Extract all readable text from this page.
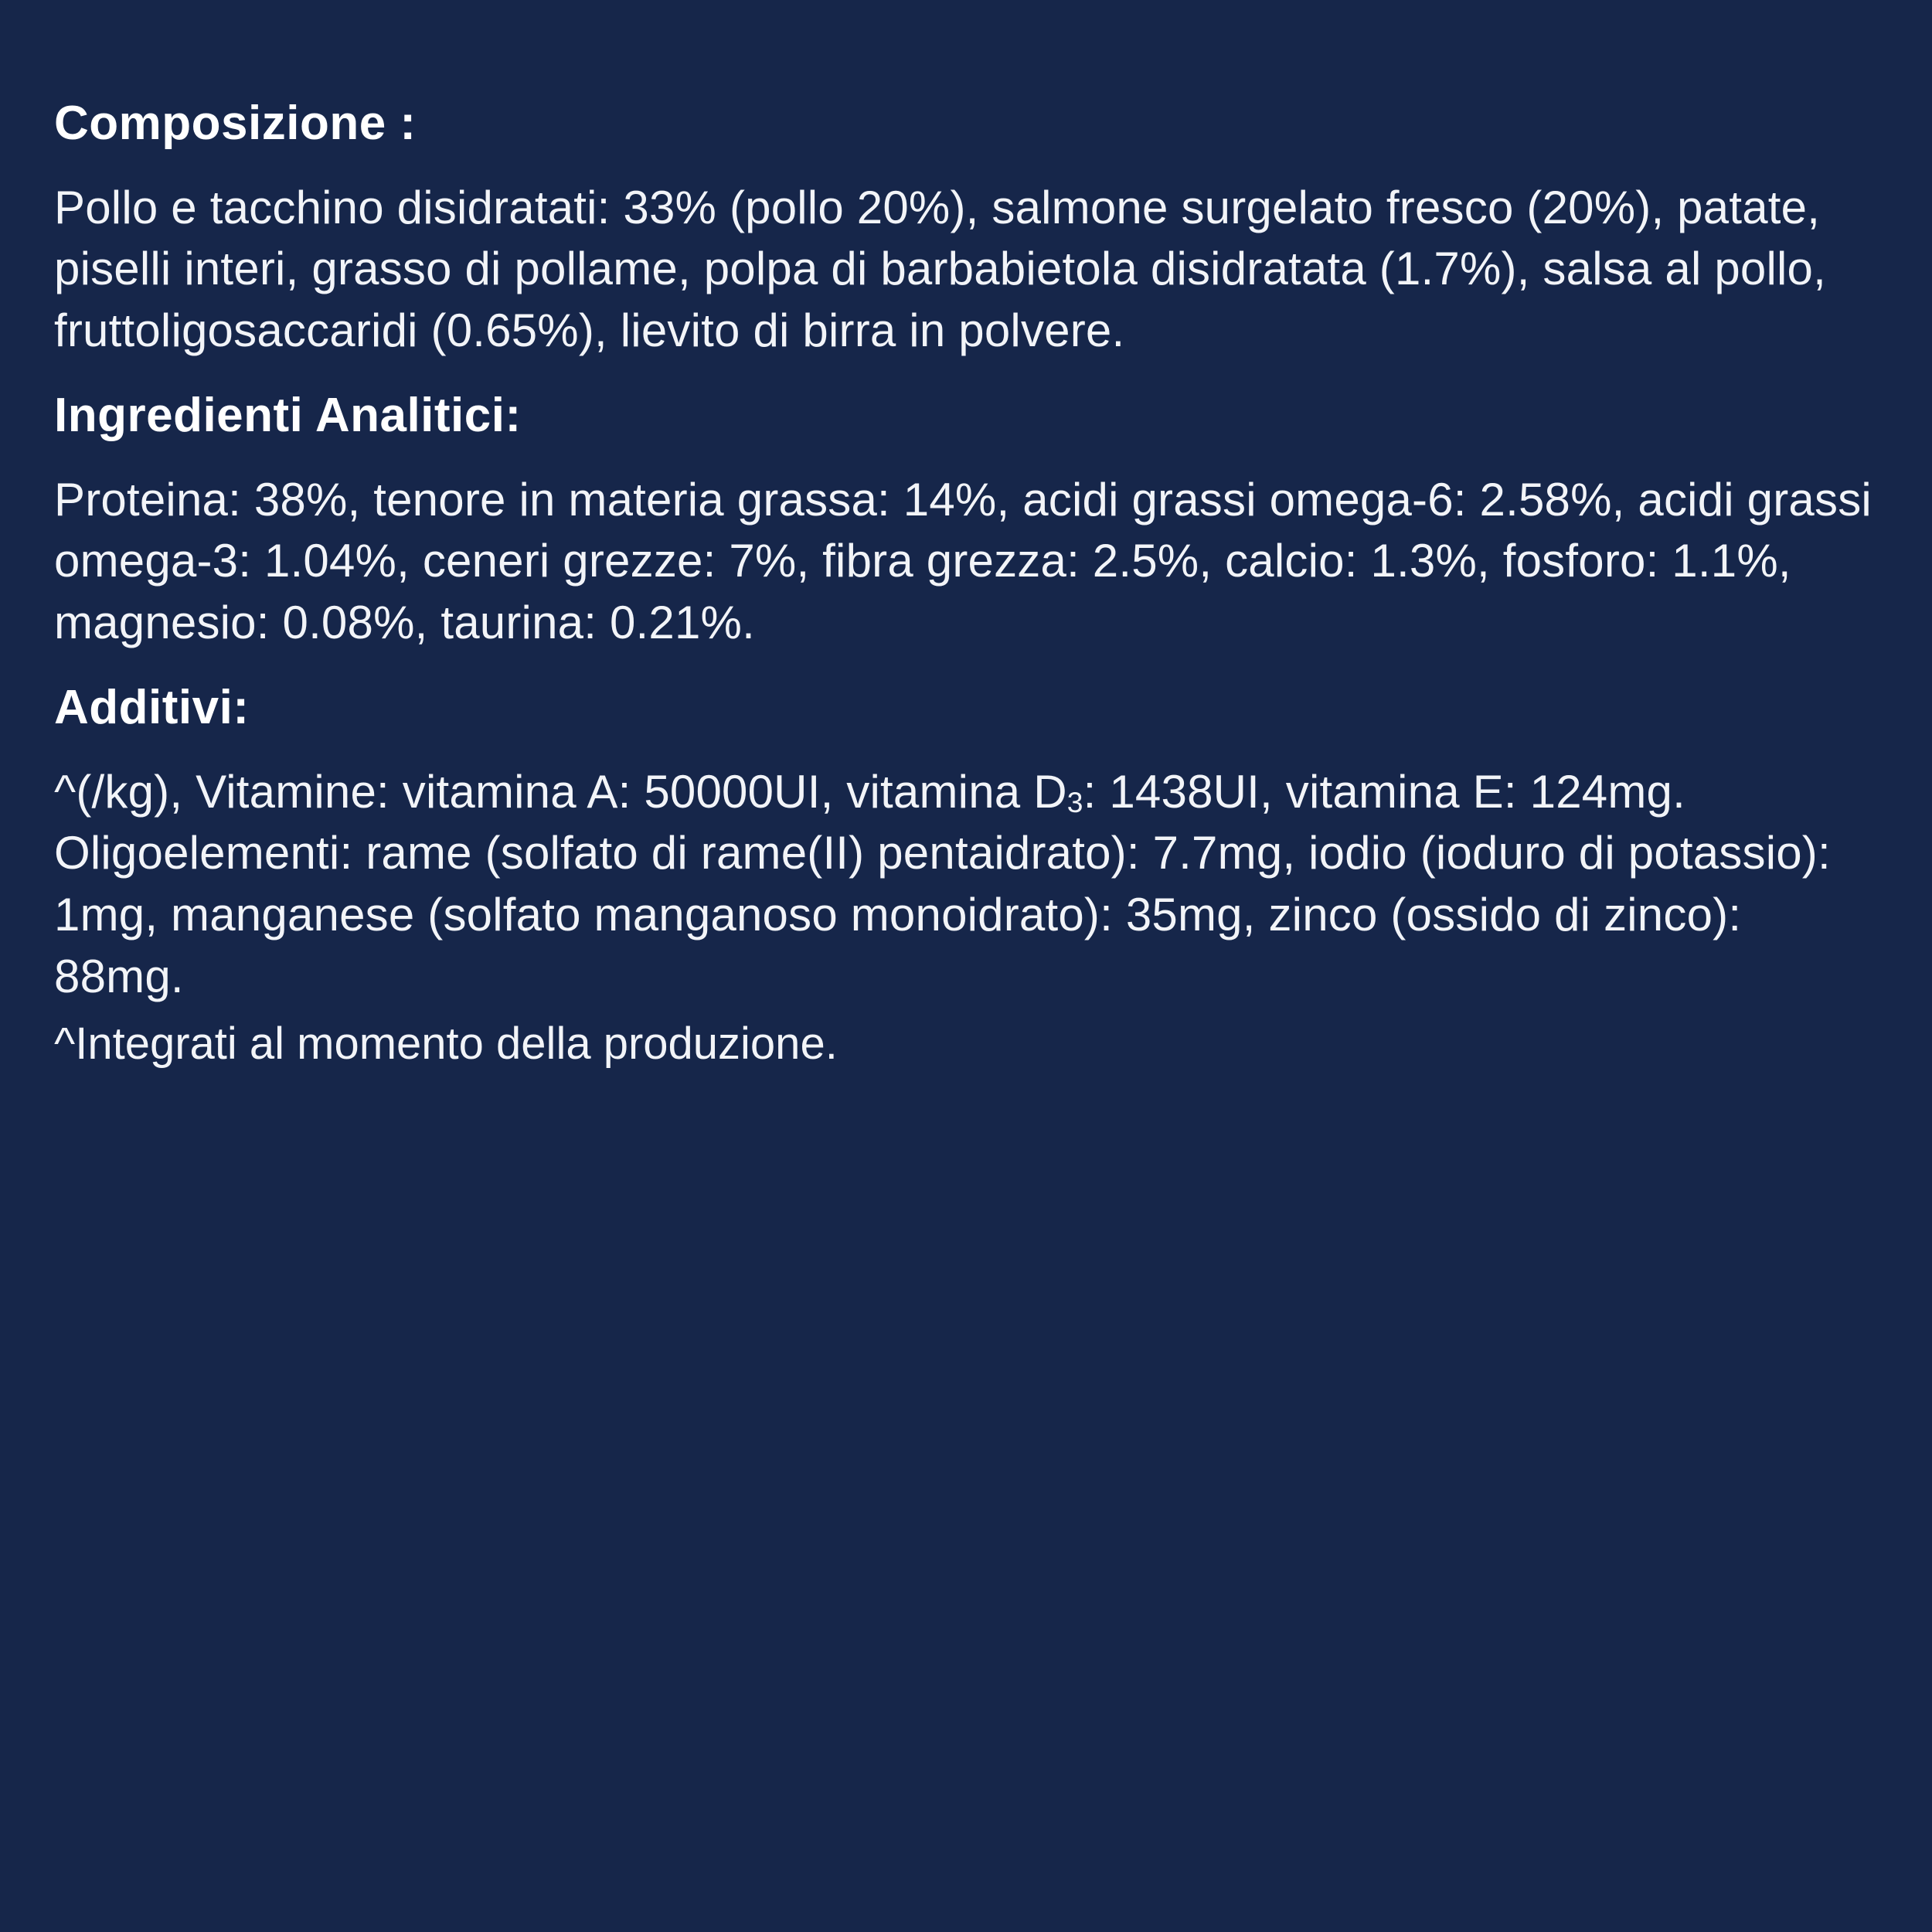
Composizione :

Pollo e tacchino disidratati: 33% (pollo 20%), salmone surgelato fresco (20%), patate, piselli interi, grasso di pollame, polpa di barbabietola disidratata (1.7%), salsa al pollo, fruttoligosaccaridi (0.65%), lievito di birra in polvere.

Ingredienti Analitici:

Proteina: 38%, tenore in materia grassa: 14%, acidi grassi omega-6: 2.58%, acidi grassi omega-3: 1.04%, ceneri grezze: 7%, fibra grezza: 2.5%, calcio: 1.3%, fosforo: 1.1%, magnesio: 0.08%, taurina: 0.21%.

Additivi:

^(/kg), Vitamine: vitamina A: 50000UI, vitamina $D_3$: 1438UI, vitamina E: 124mg. Oligoelementi: rame (solfato di rame(II) pentaidrato): 7.7mg, iodio (ioduro di potassio): 1mg, manganese (solfato manganoso monoidrato): 35mg, zinco (ossido di zinco): 88mg.

^Integrati al momento della produzione.
